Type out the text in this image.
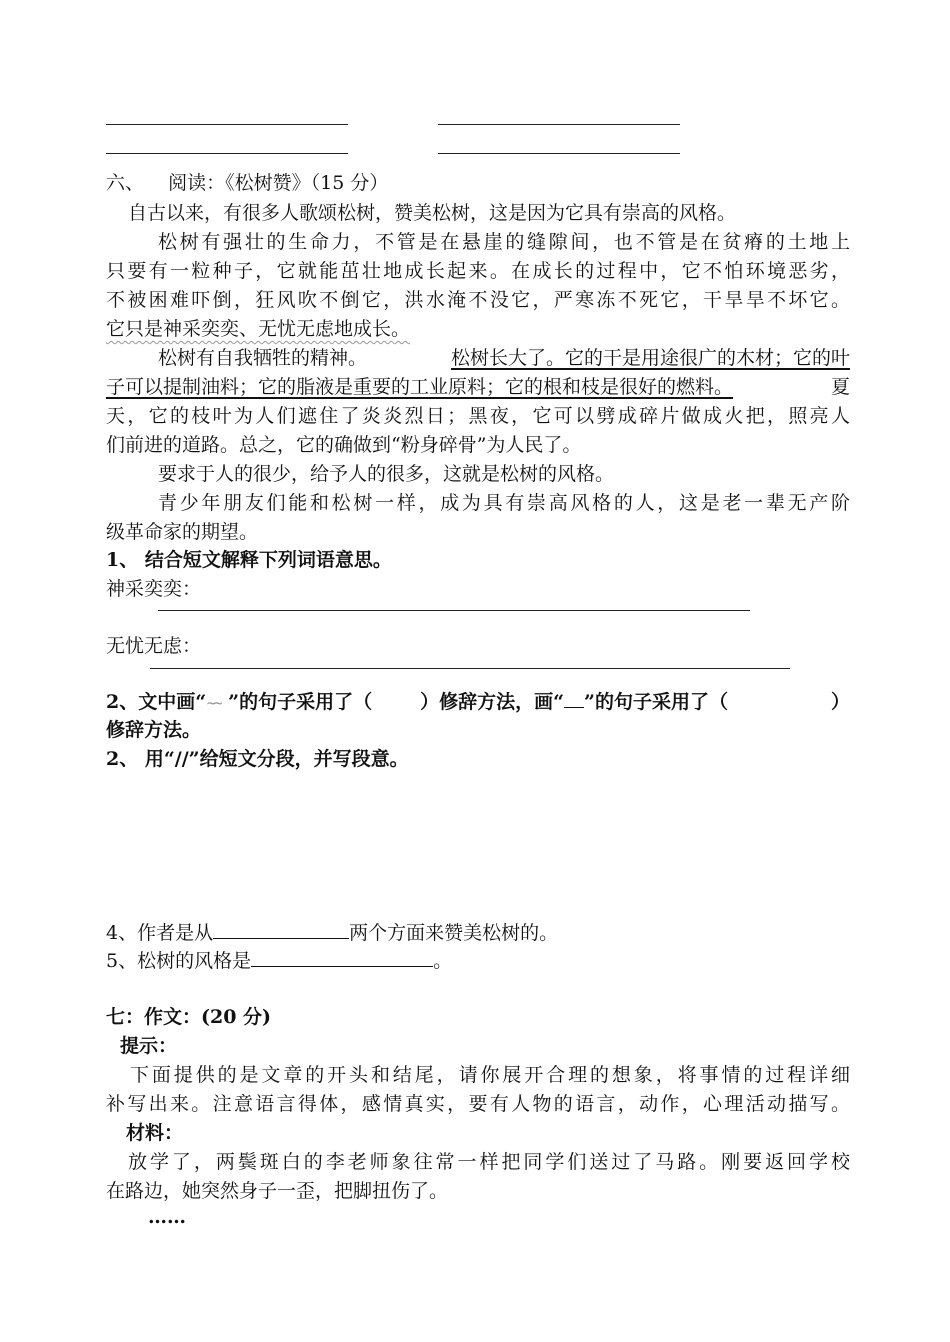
六、    阅读：《松树赞》（15 分）
自古以来，有很多人歌颂松树，赞美松树，这是因为它具有崇高的风格。
松树有强壮的生命力，不管是在悬崖的缝隙间，也不管是在贫瘠的土地上
只要有一粒种子，它就能茁壮地成长起来。在成长的过程中，它不怕环境恶劣，
不被困难吓倒，狂风吹不倒它，洪水淹不没它，严寒冻不死它，干旱旱不坏它。
它只是神采奕奕、无忧无虑地成长。
松树有自我牺牲的精神。	松树长大了。它的干是用途很广的木材；它的叶
子可以提制油料；它的脂液是重要的工业原料；它的根和枝是很好的燃料。	夏
天，它的枝叶为人们遮住了炎炎烈日；黑夜，它可以劈成碎片做成火把，照亮人
们前进的道路。总之，它的确做到“粉身碎骨”为人民了。
要求于人的很少，给予人的很多，这就是松树的风格。
青少年朋友们能和松树一样，成为具有崇高风格的人，这是老一辈无产阶
级革命家的期望。
1、 结合短文解释下列词语意思。
神采奕奕：
无忧无虑：
2、文中画“~~ ”的句子采用了（	）修辞方法，画“ ”的句子采用了（	）
修辞方法。
2、 用“//”给短文分段，并写段意。
4、作者是从	两个方面来赞美松树的。
5、松树的风格是	。
七：作文：(20 分)
提示：
下面提供的是文章的开头和结尾，请你展开合理的想象，将事情的过程详细
补写出来。注意语言得体，感情真实，要有人物的语言，动作，心理活动描写。
材料：
放学了，两鬓斑白的李老师象往常一样把同学们送过了马路。刚要返回学校
在路边，她突然身子一歪，把脚扭伤了。
……
